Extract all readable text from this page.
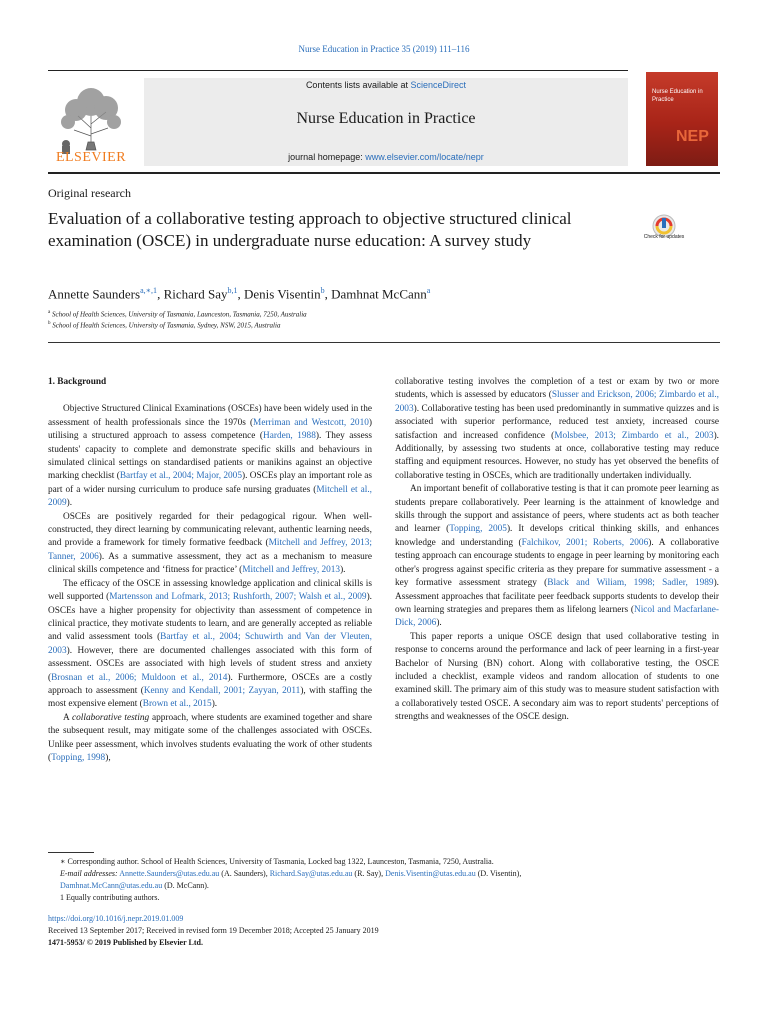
Nurse Education in Practice 35 (2019) 111–116
ELSEVIER
Contents lists available at ScienceDirect
Nurse Education in Practice
journal homepage: www.elsevier.com/locate/nepr
Nurse Education in Practice
NEP
Original research
Evaluation of a collaborative testing approach to objective structured clinical examination (OSCE) in undergraduate nurse education: A survey study	Check for updates
Annette Saunders$^{a,∗,1}$, Richard Say$^{b,1}$, Denis Visentin$^b$, Damhnat McCann$^a$
$^a$ School of Health Sciences, University of Tasmania, Launceston, Tasmania, 7250, Australia
$^b$ School of Health Sciences, University of Tasmania, Sydney, NSW, 2015, Australia

1. Background

Objective Structured Clinical Examinations (OSCEs) have been widely used in the assessment of health professionals since the 1970s (Merriman and Westcott, 2010) utilising a structured approach to assess competence (Harden, 1988). They assess students' capacity to complete and demonstrate specific skills and behaviours in simulated clinical settings on standardised patients or manikins against an objective marking checklist (Bartfay et al., 2004; Major, 2005). OSCEs play an important role as part of a wider nursing curriculum to produce safe nursing graduates (Mitchell et al., 2009).

OSCEs are positively regarded for their pedagogical rigour. When well-constructed, they direct learning by communicating relevant, authentic learning needs, and provide a framework for timely formative feedback (Mitchell and Jeffrey, 2013; Tanner, 2006). As a summative assessment, they act as a mechanism to measure clinical skills competence and ‘fitness for practice’ (Mitchell and Jeffrey, 2013).

The efficacy of the OSCE in assessing knowledge application and clinical skills is well supported (Martensson and Lofmark, 2013; Rushforth, 2007; Walsh et al., 2009). OSCEs have a higher propensity for objectivity than assessment of competence in clinical practice, they motivate students to learn, and are generally accepted as reliable and valid assessment tools (Bartfay et al., 2004; Schuwirth and Van der Vleuten, 2003). However, there are documented challenges associated with this form of assessment. OSCEs are associated with high levels of student stress and anxiety (Brosnan et al., 2006; Muldoon et al., 2014). Furthermore, OSCEs are a costly approach to assessment (Kenny and Kendall, 2001; Zayyan, 2011), with staffing the most expensive element (Brown et al., 2015).

A collaborative testing approach, where students are examined together and share the subsequent result, may mitigate some of the challenges associated with OSCEs. Unlike peer assessment, which involves students evaluating the work of other students (Topping, 1998),

collaborative testing involves the completion of a test or exam by two or more students, which is assessed by educators (Slusser and Erickson, 2006; Zimbardo et al., 2003). Collaborative testing has been used predominantly in summative quizzes and is associated with superior performance, reduced test anxiety, increased course satisfaction and increased confidence (Molsbee, 2013; Zimbardo et al., 2003). Additionally, by assessing two students at once, collaborative testing may reduce staffing and equipment resources. However, no study has yet observed the benefits of collaborative testing in OSCEs, which are traditionally undertaken individually.

An important benefit of collaborative testing is that it can promote peer learning as students prepare collaboratively. Peer learning is the attainment of knowledge and skills through the support and assistance of peers, where students act as both teacher and learner (Topping, 2005). It develops critical thinking skills, and enhances knowledge and understanding (Falchikov, 2001; Roberts, 2006). A collaborative testing approach can encourage students to engage in peer learning by monitoring each other's progress against specific criteria as they prepare for summative assessment - a key formative assessment strategy (Black and Wiliam, 1998; Sadler, 1989). Assessment approaches that facilitate peer feedback supports students to develop their own learning strategies and prepares them as lifelong learners (Nicol and Macfarlane-Dick, 2006).

This paper reports a unique OSCE design that used collaborative testing in response to concerns around the performance and lack of peer learning in a first-year Bachelor of Nursing (BN) cohort. Along with collaborative testing, the OSCE included a checklist, example videos and random allocation of students to one examined skill. The primary aim of this study was to measure student satisfaction with a collaboratively tested OSCE. A secondary aim was to report students' perceptions of strengths and weaknesses of the OSCE design.

∗ Corresponding author. School of Health Sciences, University of Tasmania, Locked bag 1322, Launceston, Tasmania, 7250, Australia.
E-mail addresses: Annette.Saunders@utas.edu.au (A. Saunders), Richard.Say@utas.edu.au (R. Say), Denis.Visentin@utas.edu.au (D. Visentin),
Damhnat.McCann@utas.edu.au (D. McCann).
1 Equally contributing authors.
https://doi.org/10.1016/j.nepr.2019.01.009
Received 13 September 2017; Received in revised form 19 December 2018; Accepted 25 January 2019
1471-5953/ © 2019 Published by Elsevier Ltd.
